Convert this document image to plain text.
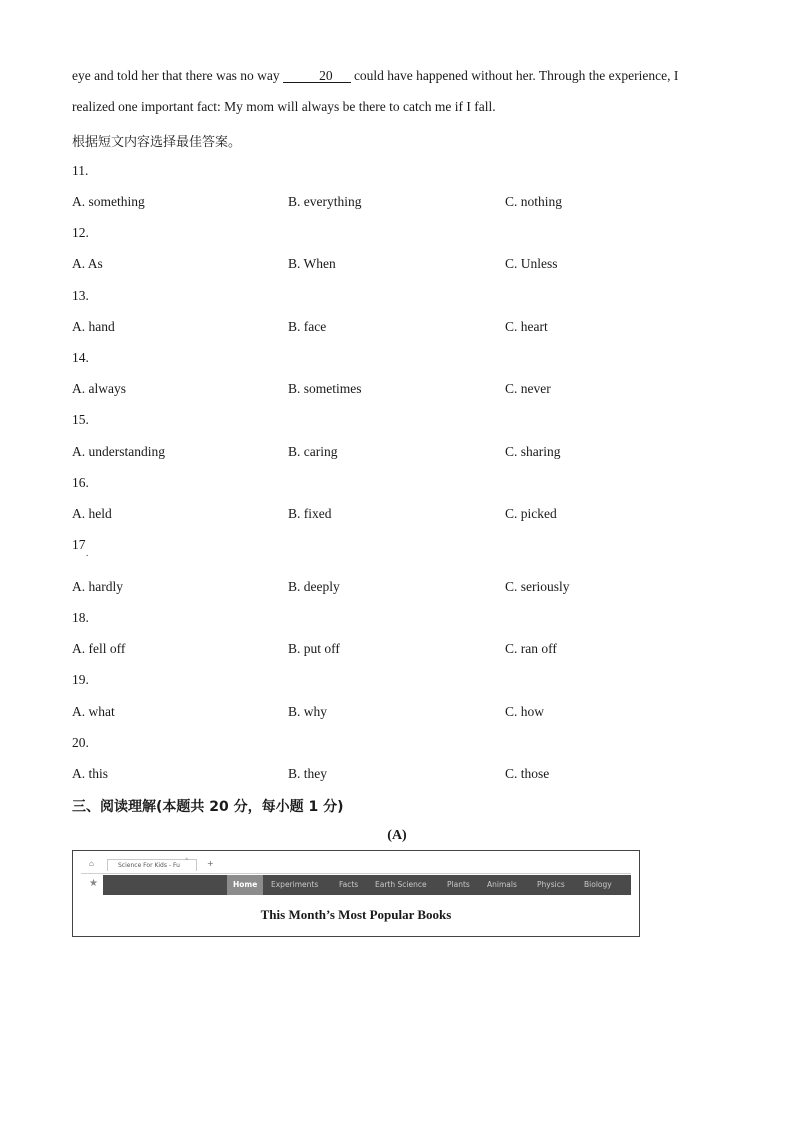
eye and told her that there was no way	20 could have happened without her. Through the experience, I
realized one important fact: My mom will always be there to catch me if I fall.
根据短文内容选择最佳答案。
11.
A. something	B. everything	C. nothing
12.
A. As	B. When	C. Unless
13.
A. hand	B. face	C. heart
14.
A. always	B. sometimes	C. never
15.
A. understanding	B. caring	C. sharing
16.
A. held	B. fixed	C. picked
17
.
A. hardly	B. deeply	C. seriously
18.
A. fell off	B. put off	C. ran off
19.
A. what	B. why	C. how
20.
A. this	B. they	C. those
三、阅读理解(本题共 20 分，每小题 1 分)
(A)
⌂	Science For Kids - Fu
× +
★	Home	Experiments	Facts Earth Science	Plants Animals	Physics	Biology
This Month’s Most Popular Books
